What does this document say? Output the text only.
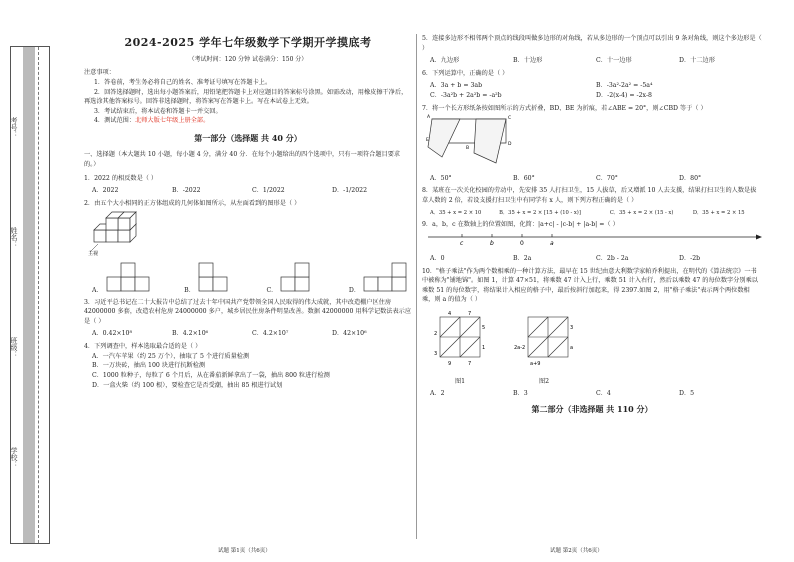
考号：
姓名：
班级：
学校：
2024-2025 学年七年级数学下学期开学摸底考
（考试时间：120 分钟 试卷满分：150 分）

注意事项：

1．答卷前，考生务必将自己的姓名、准考证号填写在答题卡上。

2．回答选择题时，选出每小题答案后，用铅笔把答题卡上对应题目的答案标号涂黑。如需改动，用橡皮擦干净后，再选涂其他答案标号。回答非选择题时，将答案写在答题卡上。写在本试卷上无效。

3．考试结束后，将本试卷和答题卡一并交回。

4．测试范围：北师大版七年级上册全部。

第一部分（选择题 共 40 分）

一、选择题（本大题共 10 小题，每小题 4 分，满分 40 分．在每个小题给出的四个选项中，只有一项符合题目要求的。）

1．2022 的相反数是（ ）

A．2022	B．-2022	C．1/2022	D．-1/2022

2．由五个大小相同的正方体组成的几何体如图所示，从左面看到的图形是（ ）

主视
A．	B．	C．	D．

3．习近平总书记在二十大报告中总结了过去十年中国共产党带领全国人民取得的伟大成就，其中改造棚户区住房 42000000 多套，改造农村危房 24000000 多户，城乡居民住房条件明显改善。数据 42000000 用科学记数法表示应是（ ）

A．0.42×10⁸	B．4.2×10⁶	C．4.2×10⁷	D．42×10⁶

4．下列调查中，样本选取最合适的是（ ）

A．一汽车苹果（约 25 万个），抽取了 5 个进行质量检测

B．一万块砖，抽出 100 块进行抗断检测

C．1000 粒种子，每粒了 6 个月后，从在番茄新鲜拿出了一袋，抽出 800 粒进行检测

D．一盒火柴（约 100 根），要检查它是否受潮，抽出 85 根进行试划

试题 第1页（共6页）

5．连接多边形不相邻两个顶点的线段叫做多边形的对角线，若从多边形的一个顶点可以引出 9 条对角线，则这个多边形是（ ）

A．九边形	B．十边形	C．十一边形	D．十二边形

6．下列运算中，正确的是（ ）

A．3a + b = 3ab	B．-3a²-2a² = -5a⁴
C．-3a²b + 2a²b = -a²b	D．-2(x-4) = -2x-8

7．将一个长方形纸条按如图所示的方式折叠，BD、BE 为折痕，若∠ABE = 20°，则∠CBD 等于（ ）

A	C
B
E
D
A．50°	B．60°	C．70°	D．80°

8．某班在一次关化校园的劳动中，先安排 35 人打扫卫生，15 人拔草，后又增派 10 人去支援，结果打扫卫生的人数是拔草人数的 2 倍，若设支援打扫卫生中有同学有 x 人，则下列方程正确的是（ ）

A．35 + x = 2 × 10	B．35 + x = 2 × [15 + (10 - x)]	C．35 + x = 2 × (15 - x)	D．35 + x = 2 × 15

9．a，b，c 在数轴上的位置如图，化简：|a+c| - |c-b| + |a-b| =（ ）

c	b	0	a
A．0	B．2a	C．2b - 2a	D．-2b

10．"格子乘法"作为两个数相乘的一种计算方法，最早在 15 世纪由意大利数学家帕乔利提出，在明代的《算法统宗》一书中被称为"铺地锦"。如图 1，计算 47×51，将乘数 47 计入上行，乘数 51 计入右行，然后以乘数 47 的每位数字分别乘以乘数 51 的每位数字，将结果计入相应的格子中，最后按斜行加起来，得 2397.如图 2，用"格子乘法"表示两个两位数相乘，则 a 的值为（ ）

4	7
5
1
2
3
9	7
图1
3
a
2a-2
a+9
图2
A．2	B．3	C．4	D．5
第二部分（非选择题 共 110 分）
试题 第2页（共6页）
